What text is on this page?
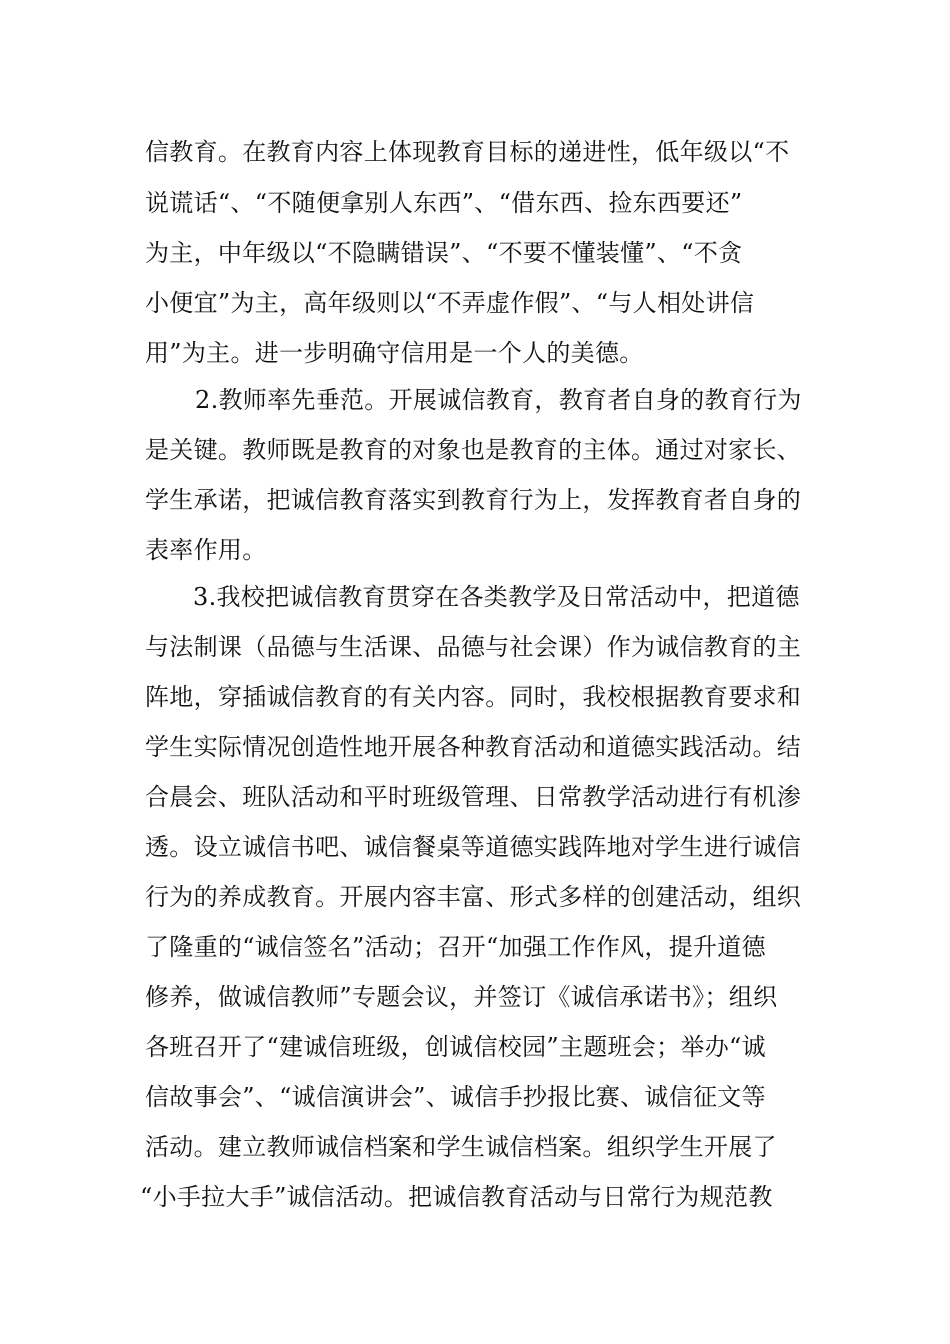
信教育。在教育内容上体现教育目标的递进性，低年级以“不
说谎话“、“不随便拿别人东西”、“借东西、捡东西要还”
为主，中年级以“不隐瞒错误”、“不要不懂装懂”、“不贪
小便宜”为主，高年级则以“不弄虚作假”、“与人相处讲信
用”为主。进一步明确守信用是一个人的美德。
2.教师率先垂范。开展诚信教育，教育者自身的教育行为
是关键。教师既是教育的对象也是教育的主体。通过对家长、
学生承诺，把诚信教育落实到教育行为上，发挥教育者自身的
表率作用。
3.我校把诚信教育贯穿在各类教学及日常活动中，把道德
与法制课（品德与生活课、品德与社会课）作为诚信教育的主
阵地，穿插诚信教育的有关内容。同时，我校根据教育要求和
学生实际情况创造性地开展各种教育活动和道德实践活动。结
合晨会、班队活动和平时班级管理、日常教学活动进行有机渗
透。设立诚信书吧、诚信餐桌等道德实践阵地对学生进行诚信
行为的养成教育。开展内容丰富、形式多样的创建活动，组织
了隆重的“诚信签名”活动；召开“加强工作作风，提升道德
修养，做诚信教师”专题会议，并签订《诚信承诺书》；组织
各班召开了“建诚信班级，创诚信校园”主题班会；举办“诚
信故事会”、“诚信演讲会”、诚信手抄报比赛、诚信征文等
活动。建立教师诚信档案和学生诚信档案。组织学生开展了
“小手拉大手”诚信活动。把诚信教育活动与日常行为规范教
